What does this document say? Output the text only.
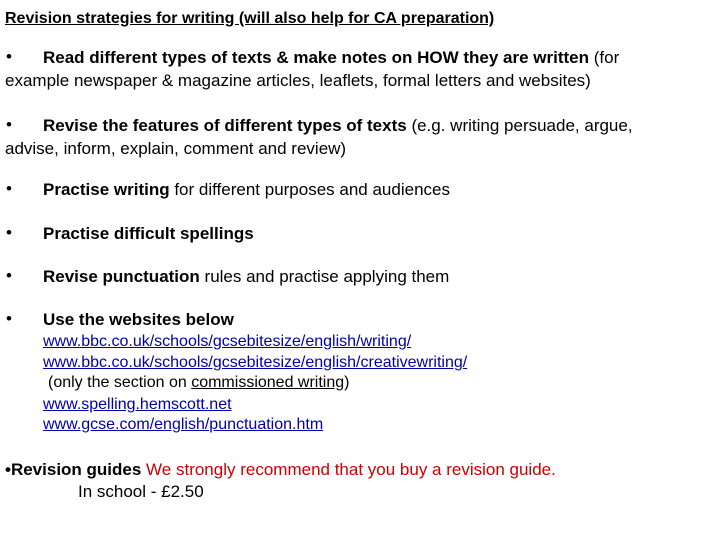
Revision strategies for writing (will also help for CA preparation)
• Read different types of texts & make notes on HOW they are written (for
example newspaper & magazine articles, leaflets, formal letters and websites)
• Revise the features of different types of texts (e.g. writing persuade, argue,
advise, inform, explain, comment and review)
• Practise writing for different purposes and audiences
• Practise difficult spellings
• Revise punctuation rules and practise applying them
• Use the websites below
www.bbc.co.uk/schools/gcsebitesize/english/writing/
www.bbc.co.uk/schools/gcsebitesize/english/creativewriting/
(only the section on commissioned writing)
www.spelling.hemscott.net
www.gcse.com/english/punctuation.htm
•Revision guides We strongly recommend that you buy a revision guide.
In school - £2.50
